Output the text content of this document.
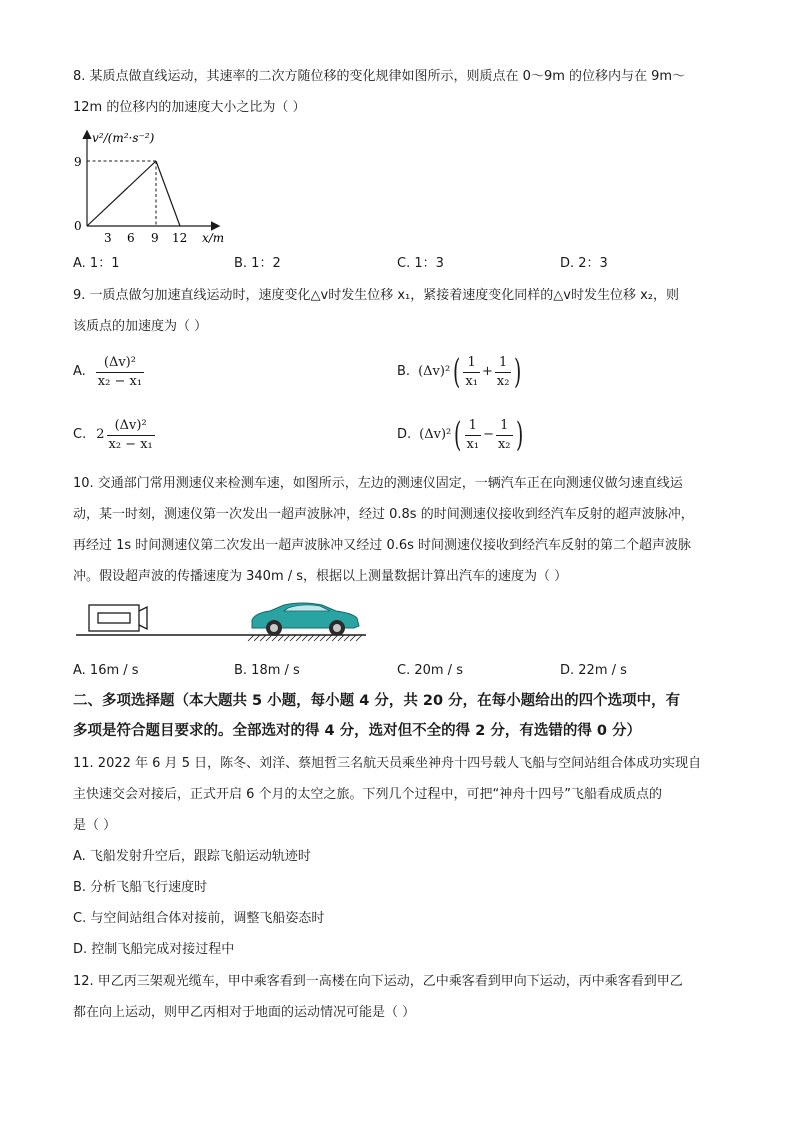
8. 某质点做直线运动，其速率的二次方随位移的变化规律如图所示，则质点在 0～9m 的位移内与在 9m～
12m 的位移内的加速度大小之比为（ ）
v²/(m²·s⁻²)
9
0
3 6 9 12 x/m
A. 1：1	B. 1：2	C. 1：3	D. 2：3
9. 一质点做匀加速直线运动时，速度变化△v时发生位移 x₁，紧接着速度变化同样的△v时发生位移 x₂，则
该质点的加速度为（ ）
A. $\frac{\text{(Δv)²}}{\text{x₂ − x₁}}$	B. (Δv)² ( $\frac{1}{\text{x₁}} + \frac{1}{\text{x₂}}$ )
C. $2 \frac{\text{(Δv)²}}{\text{x₂ − x₁}}$	D. (Δv)² ( $\frac{1}{\text{x₁}} - \frac{1}{\text{x₂}}$ )
10. 交通部门常用测速仪来检测车速，如图所示，左边的测速仪固定，一辆汽车正在向测速仪做匀速直线运
动，某一时刻，测速仪第一次发出一超声波脉冲，经过 0.8s 的时间测速仪接收到经汽车反射的超声波脉冲，
再经过 1s 时间测速仪第二次发出一超声波脉冲又经过 0.6s 时间测速仪接收到经汽车反射的第二个超声波脉
冲。假设超声波的传播速度为 340m / s，根据以上测量数据计算出汽车的速度为（ ）
A. 16m / s	B. 18m / s	C. 20m / s	D. 22m / s
二、多项选择题（本大题共 5 小题，每小题 4 分，共 20 分，在每小题给出的四个选项中，有
多项是符合题目要求的。全部选对的得 4 分，选对但不全的得 2 分，有选错的得 0 分）
11. 2022 年 6 月 5 日，陈冬、刘洋、蔡旭哲三名航天员乘坐神舟十四号载人飞船与空间站组合体成功实现自
主快速交会对接后，正式开启 6 个月的太空之旅。下列几个过程中，可把“神舟十四号”飞船看成质点的
是（ ）
A. 飞船发射升空后，跟踪飞船运动轨迹时
B. 分析飞船飞行速度时
C. 与空间站组合体对接前，调整飞船姿态时
D. 控制飞船完成对接过程中
12. 甲乙丙三架观光缆车，甲中乘客看到一高楼在向下运动，乙中乘客看到甲向下运动，丙中乘客看到甲乙
都在向上运动，则甲乙丙相对于地面的运动情况可能是（ ）
